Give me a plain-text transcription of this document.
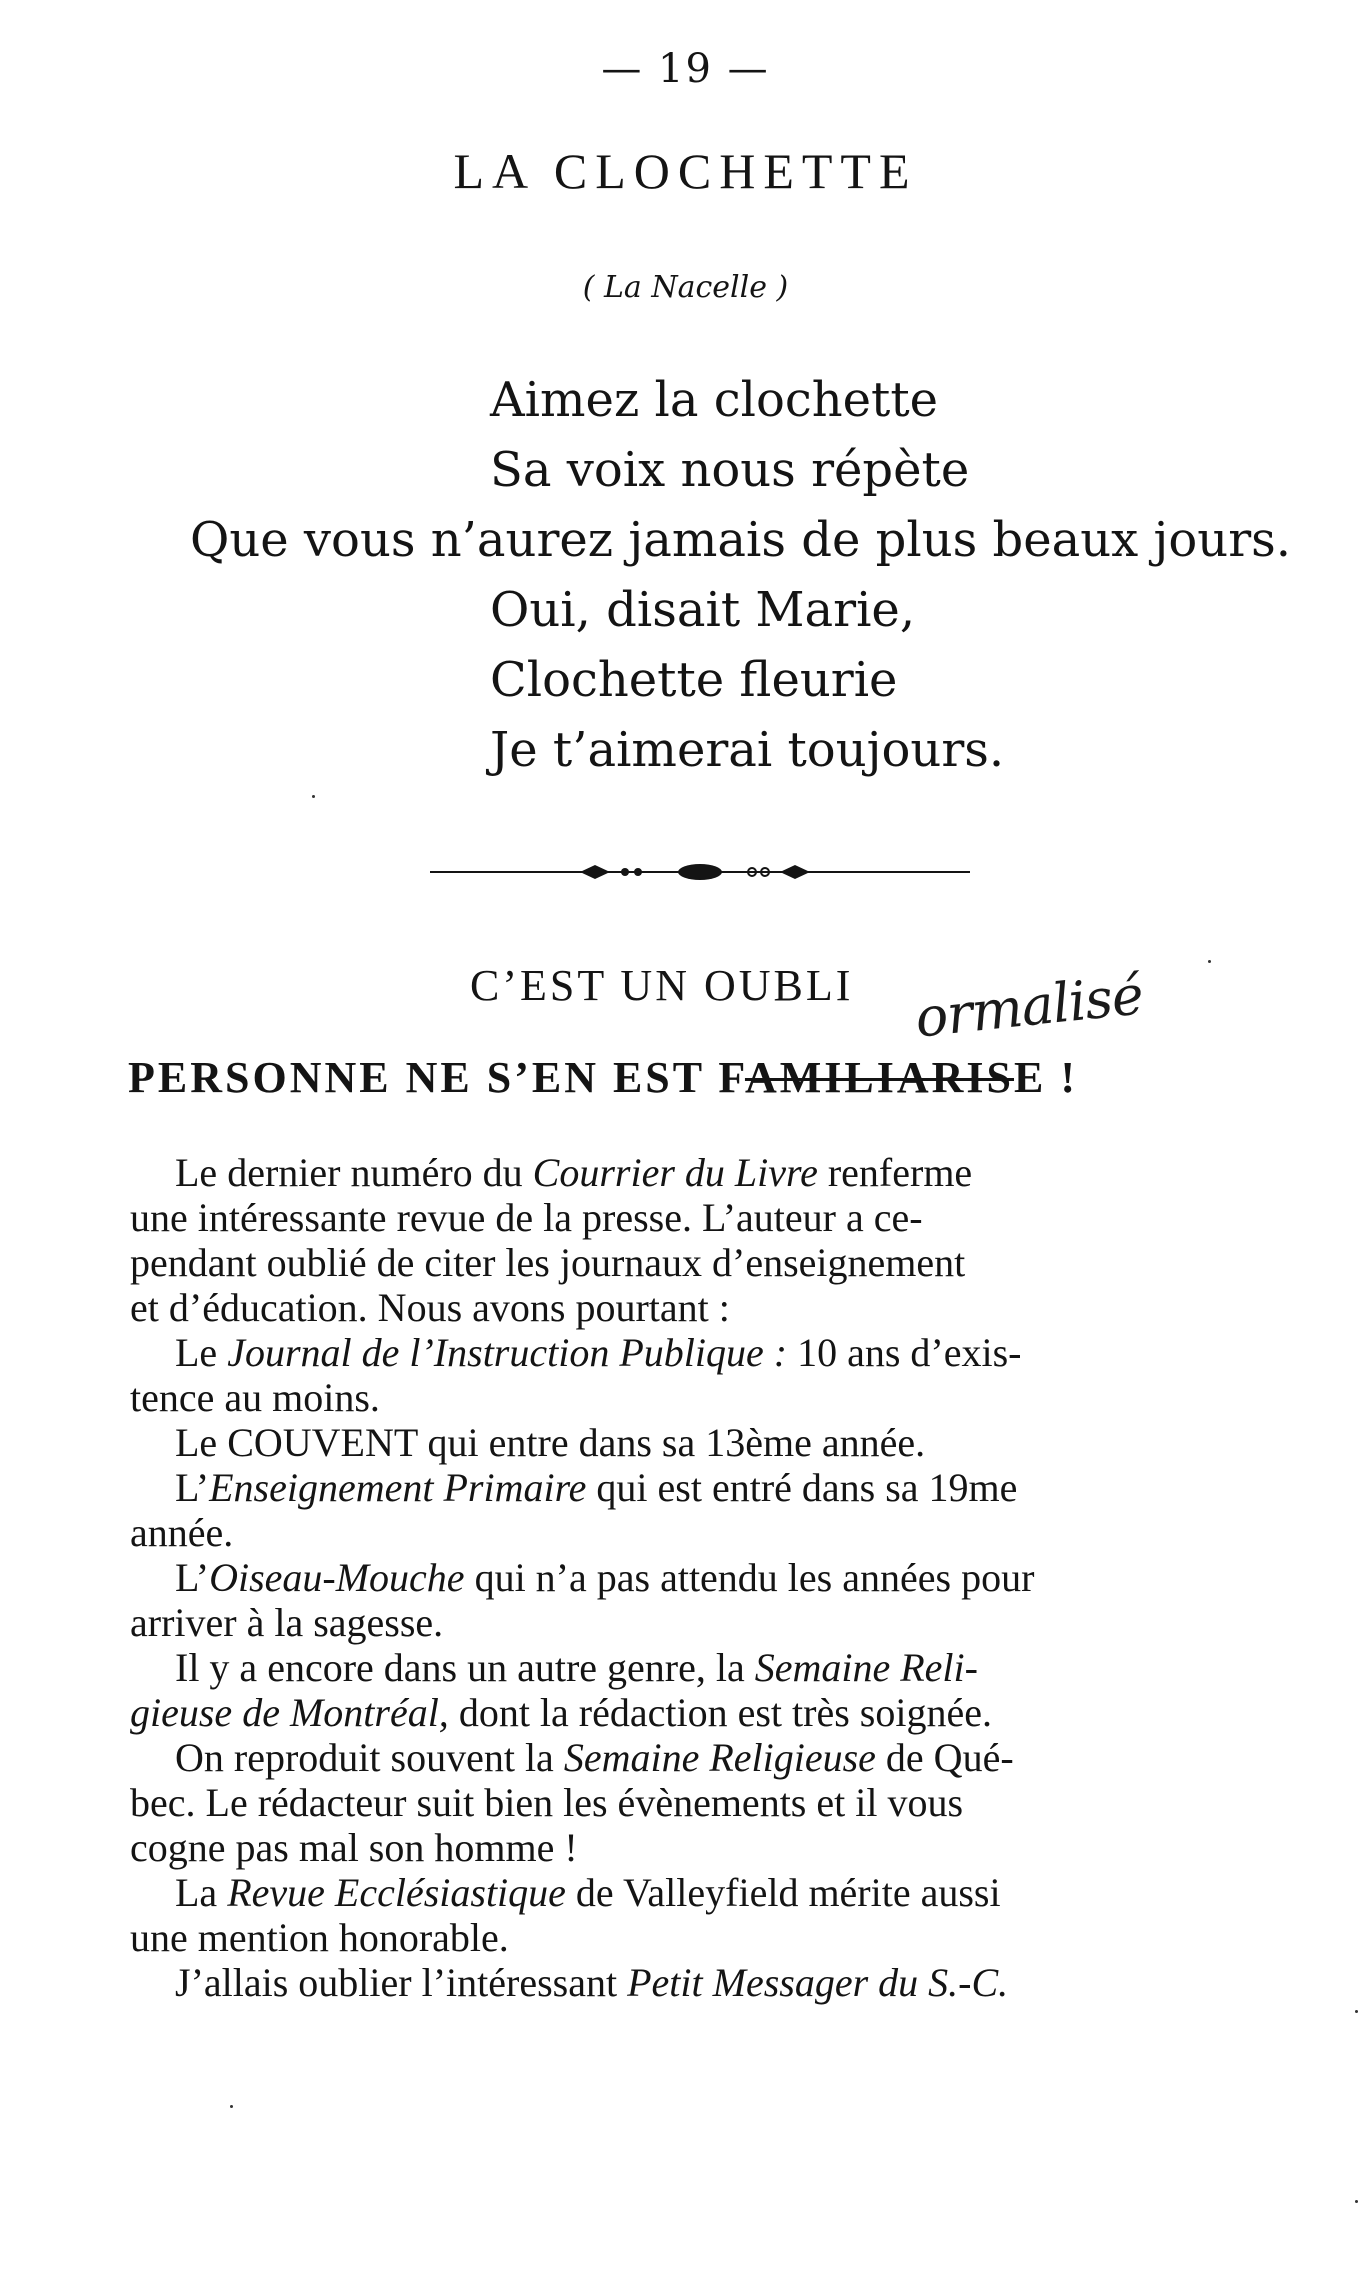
— 19 —
LA CLOCHETTE
( La Nacelle )
Aimez la clochette
Sa voix nous répète
Que vous n’aurez jamais de plus beaux jours.
Oui, disait Marie,
Clochette fleurie
Je t’aimerai toujours.
C’EST UN OUBLI ormalisé
PERSONNE NE S’EN EST FAMILIARISE !
Le dernier numéro du Courrier du Livre renferme
une intéressante revue de la presse. L’auteur a ce-
pendant oublié de citer les journaux d’enseignement
et d’éducation. Nous avons pourtant :
Le Journal de l’Instruction Publique : 10 ans d’exis-
tence au moins.
Le COUVENT qui entre dans sa 13ème année.
L’Enseignement Primaire qui est entré dans sa 19me
année.
L’Oiseau-Mouche qui n’a pas attendu les années pour
arriver à la sagesse.
Il y a encore dans un autre genre, la Semaine Reli-
gieuse de Montréal, dont la rédaction est très soignée.
On reproduit souvent la Semaine Religieuse de Qué-
bec. Le rédacteur suit bien les évènements et il vous
cogne pas mal son homme !
La Revue Ecclésiastique de Valleyfield mérite aussi
une mention honorable.
J’allais oublier l’intéressant Petit Messager du S.-C.
